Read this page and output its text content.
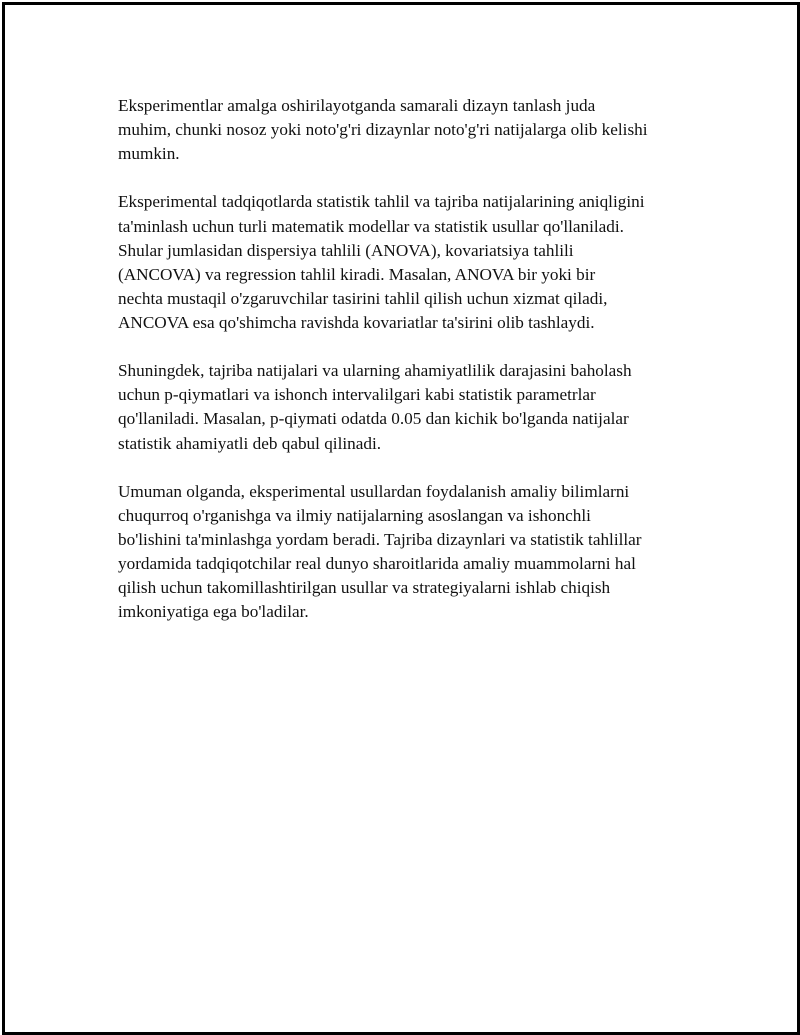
Eksperimentlar amalga oshirilayotganda samarali dizayn tanlash juda
muhim, chunki nosoz yoki noto'g'ri dizaynlar noto'g'ri natijalarga olib kelishi
mumkin.

Eksperimental tadqiqotlarda statistik tahlil va tajriba natijalarining aniqligini
ta'minlash uchun turli matematik modellar va statistik usullar qo'llaniladi.
Shular jumlasidan dispersiya tahlili (ANOVA), kovariatsiya tahlili
(ANCOVA) va regression tahlil kiradi. Masalan, ANOVA bir yoki bir
nechta mustaqil o'zgaruvchilar tasirini tahlil qilish uchun xizmat qiladi,
ANCOVA esa qo'shimcha ravishda kovariatlar ta'sirini olib tashlaydi.

Shuningdek, tajriba natijalari va ularning ahamiyatlilik darajasini baholash
uchun p-qiymatlari va ishonch intervalilgari kabi statistik parametrlar
qo'llaniladi. Masalan, p-qiymati odatda 0.05 dan kichik bo'lganda natijalar
statistik ahamiyatli deb qabul qilinadi.

Umuman olganda, eksperimental usullardan foydalanish amaliy bilimlarni
chuqurroq o'rganishga va ilmiy natijalarning asoslangan va ishonchli
bo'lishini ta'minlashga yordam beradi. Tajriba dizaynlari va statistik tahlillar
yordamida tadqiqotchilar real dunyo sharoitlarida amaliy muammolarni hal
qilish uchun takomillashtirilgan usullar va strategiyalarni ishlab chiqish
imkoniyatiga ega bo'ladilar.
